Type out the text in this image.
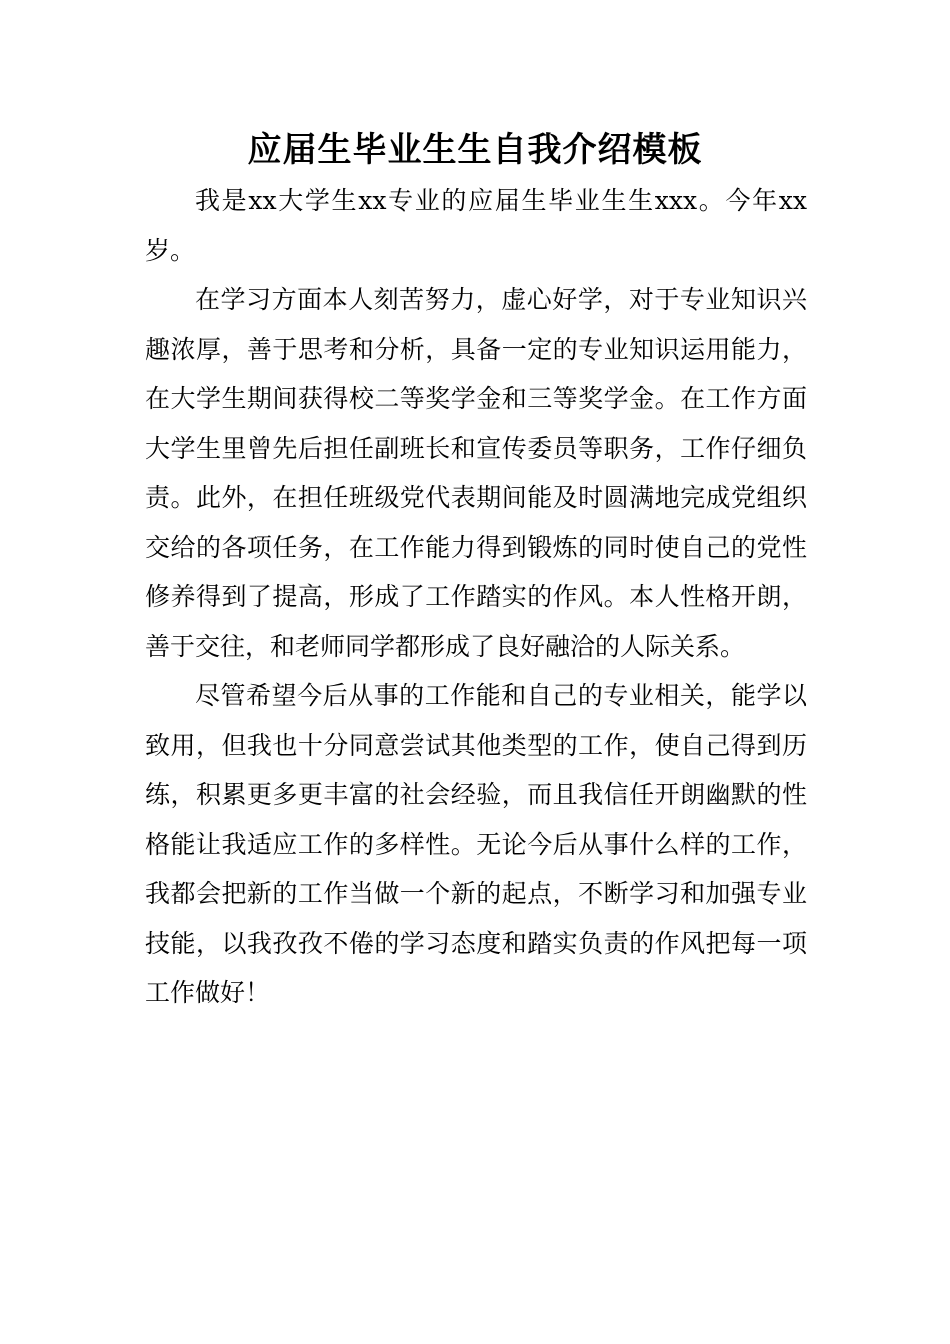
应届生毕业生生自我介绍模板

我是xx大学生xx专业的应届生毕业生生xxx。今年xx岁。

在学习方面本人刻苦努力，虚心好学，对于专业知识兴趣浓厚，善于思考和分析，具备一定的专业知识运用能力，在大学生期间获得校二等奖学金和三等奖学金。在工作方面大学生里曾先后担任副班长和宣传委员等职务，工作仔细负责。此外，在担任班级党代表期间能及时圆满地完成党组织交给的各项任务，在工作能力得到锻炼的同时使自己的党性修养得到了提高，形成了工作踏实的作风。本人性格开朗，善于交往，和老师同学都形成了良好融洽的人际关系。

尽管希望今后从事的工作能和自己的专业相关，能学以致用，但我也十分同意尝试其他类型的工作，使自己得到历练，积累更多更丰富的社会经验，而且我信任开朗幽默的性格能让我适应工作的多样性。无论今后从事什么样的工作，我都会把新的工作当做一个新的起点，不断学习和加强专业技能，以我孜孜不倦的学习态度和踏实负责的作风把每一项工作做好！
